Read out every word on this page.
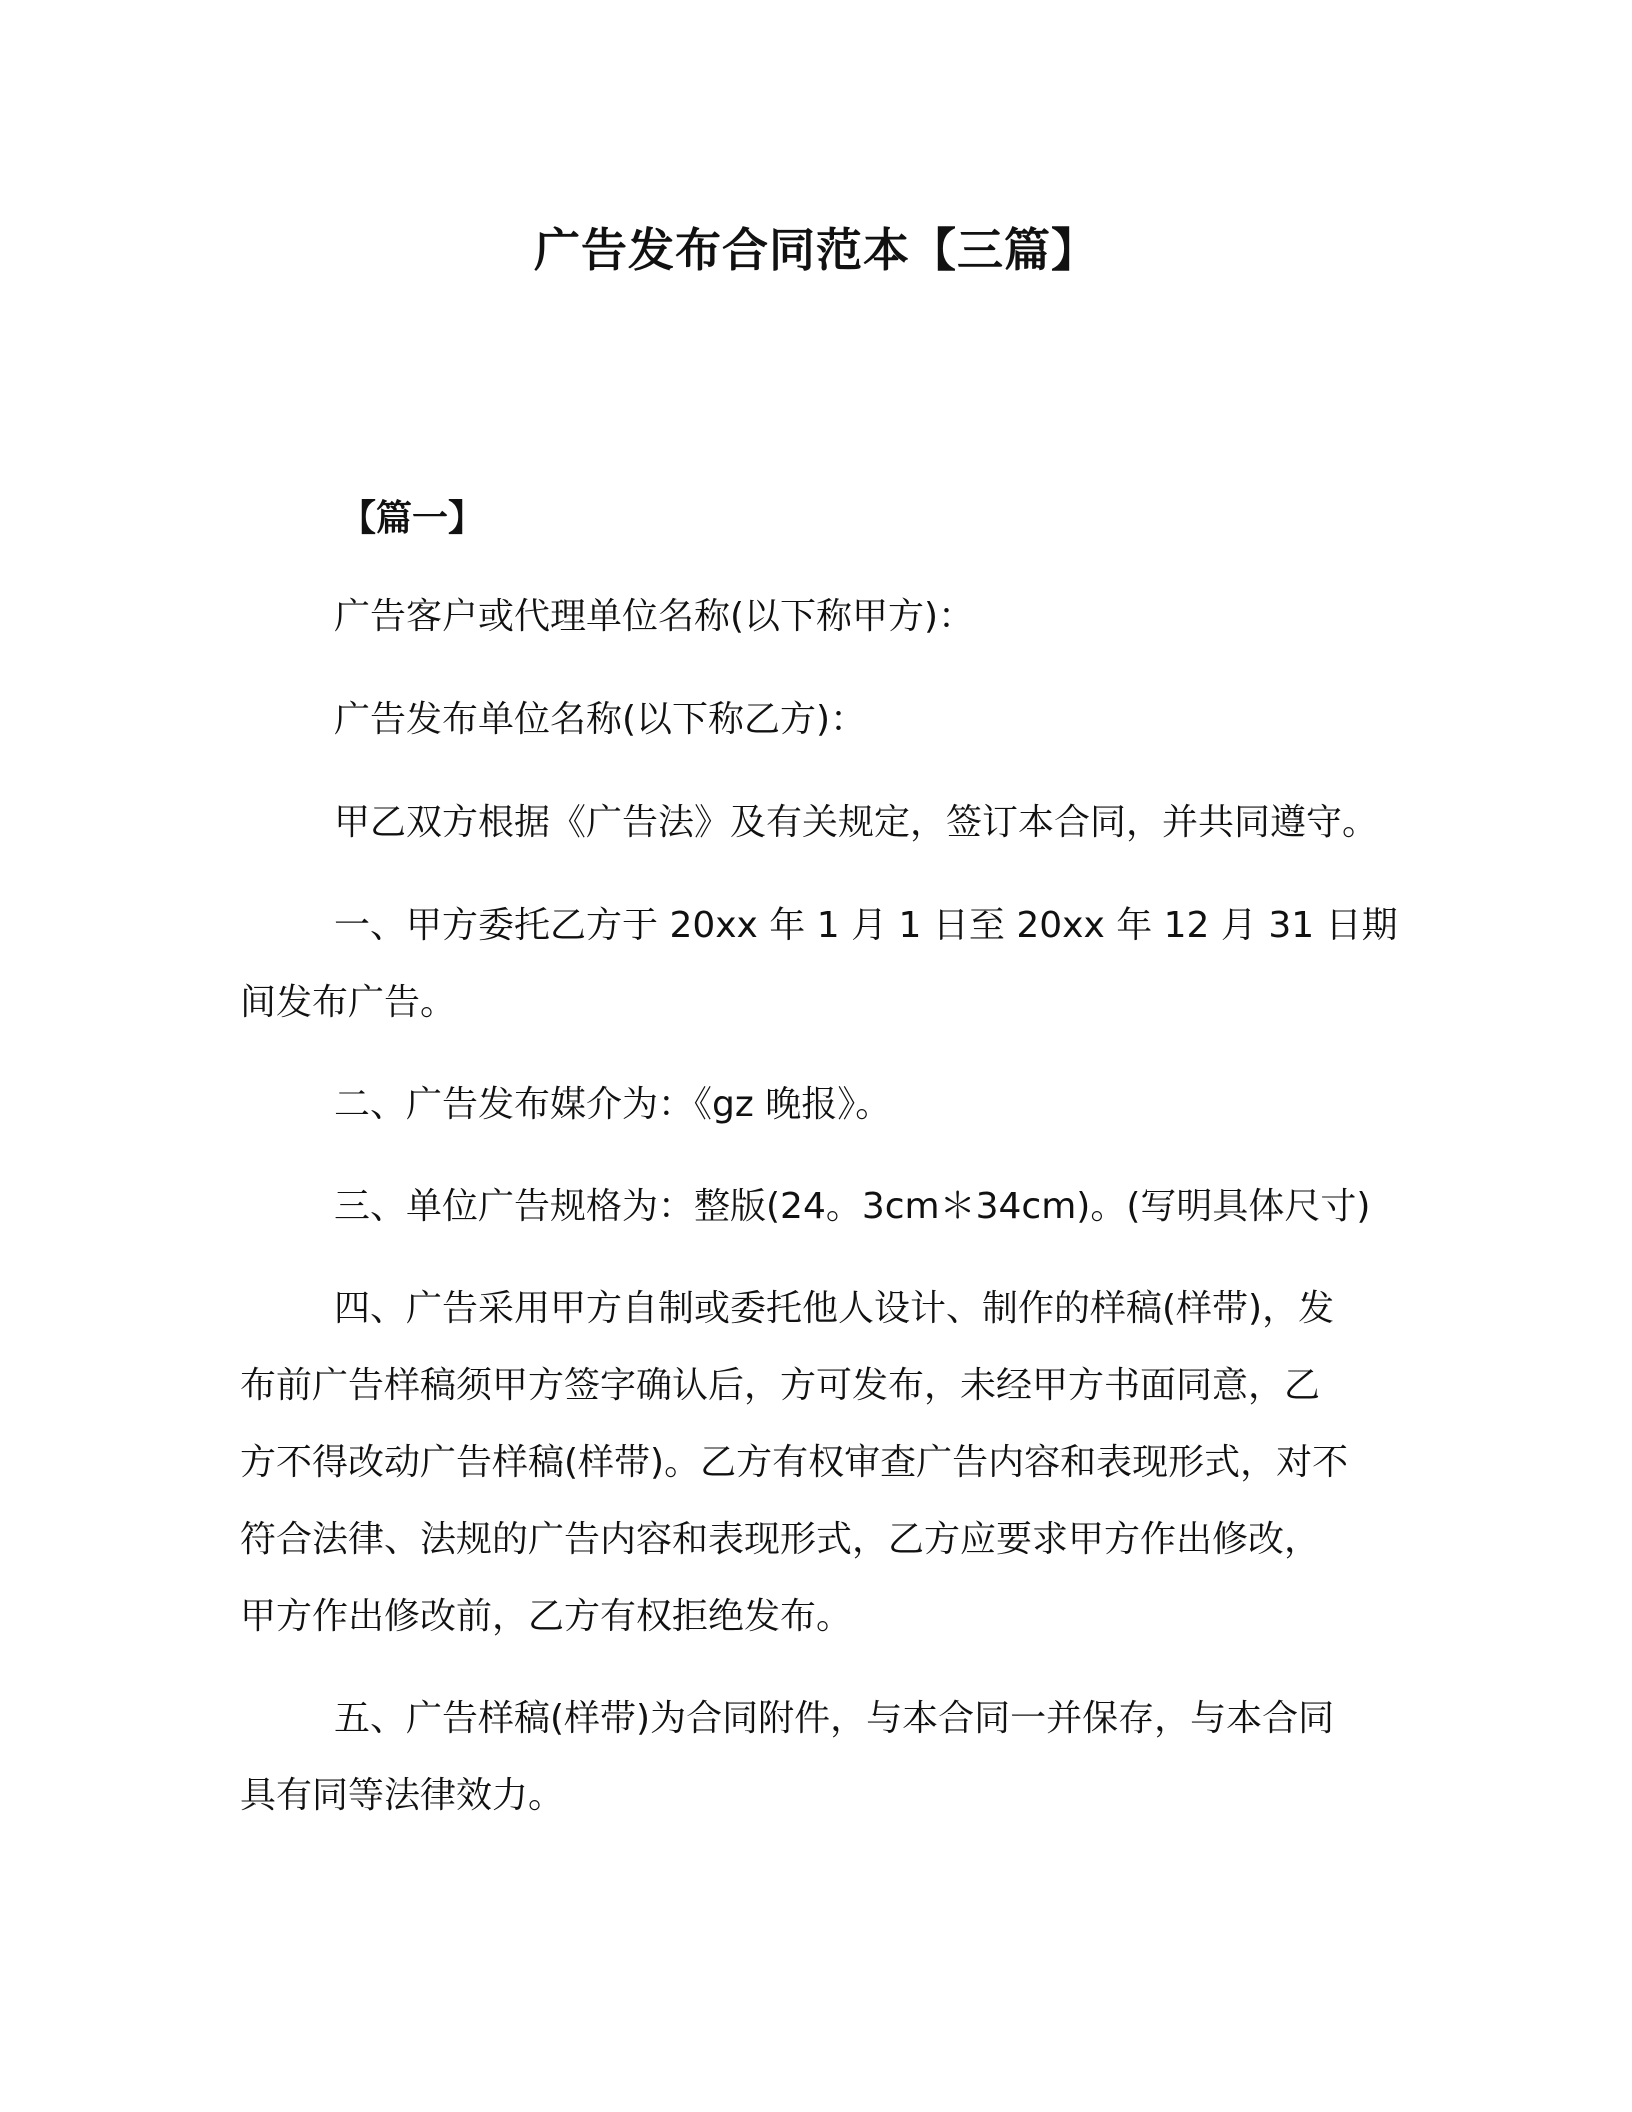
广告发布合同范本【三篇】
【篇一】

广告客户或代理单位名称(以下称甲方)：

广告发布单位名称(以下称乙方)：

甲乙双方根据《广告法》及有关规定，签订本合同，并共同遵守。

一、甲方委托乙方于 20xx 年 1 月 1 日至 20xx 年 12 月 31 日期
间发布广告。

二、广告发布媒介为：《gz 晚报》。

三、单位广告规格为：整版(24。3cm＊34cm)。(写明具体尺寸)

四、广告采用甲方自制或委托他人设计、制作的样稿(样带)，发
布前广告样稿须甲方签字确认后，方可发布，未经甲方书面同意，乙
方不得改动广告样稿(样带)。乙方有权审查广告内容和表现形式，对不
符合法律、法规的广告内容和表现形式，乙方应要求甲方作出修改，
甲方作出修改前，乙方有权拒绝发布。

五、广告样稿(样带)为合同附件，与本合同一并保存，与本合同
具有同等法律效力。
